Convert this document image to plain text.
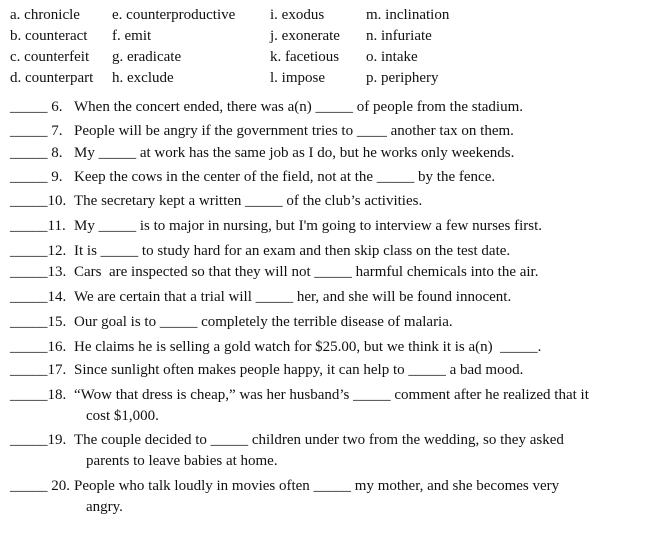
a. chronicle
b. counteract
c. counterfeit
d. counterpart
e. counterproductive
f. emit
g. eradicate
h. exclude
i. exodus
j. exonerate
k. facetious
l. impose
m. inclination
n. infuriate
o. intake
p. periphery
_____ 6. When the concert ended, there was a(n) _____ of people from the stadium.
_____ 7. People will be angry if the government tries to ____ another tax on them.
_____ 8. My _____ at work has the same job as I do, but he works only weekends.
_____ 9. Keep the cows in the center of the field, not at the _____ by the fence.
_____10. The secretary kept a written _____ of the club’s activities.
_____11. My _____ is to major in nursing, but I'm going to interview a few nurses first.
_____12. It is _____ to study hard for an exam and then skip class on the test date.
_____13. Cars  are inspected so that they will not _____ harmful chemicals into the air.
_____14. We are certain that a trial will _____ her, and she will be found innocent.
_____15. Our goal is to _____ completely the terrible disease of malaria.
_____16. He claims he is selling a gold watch for $25.00, but we think it is a(n)  _____.
_____17. Since sunlight often makes people happy, it can help to _____ a bad mood.
_____18. “Wow that dress is cheap,” was her husband’s _____ comment after he realized that it
cost $1,000.
_____19. The couple decided to _____ children under two from the wedding, so they asked
parents to leave babies at home.
_____ 20. People who talk loudly in movies often _____ my mother, and she becomes very
angry.
